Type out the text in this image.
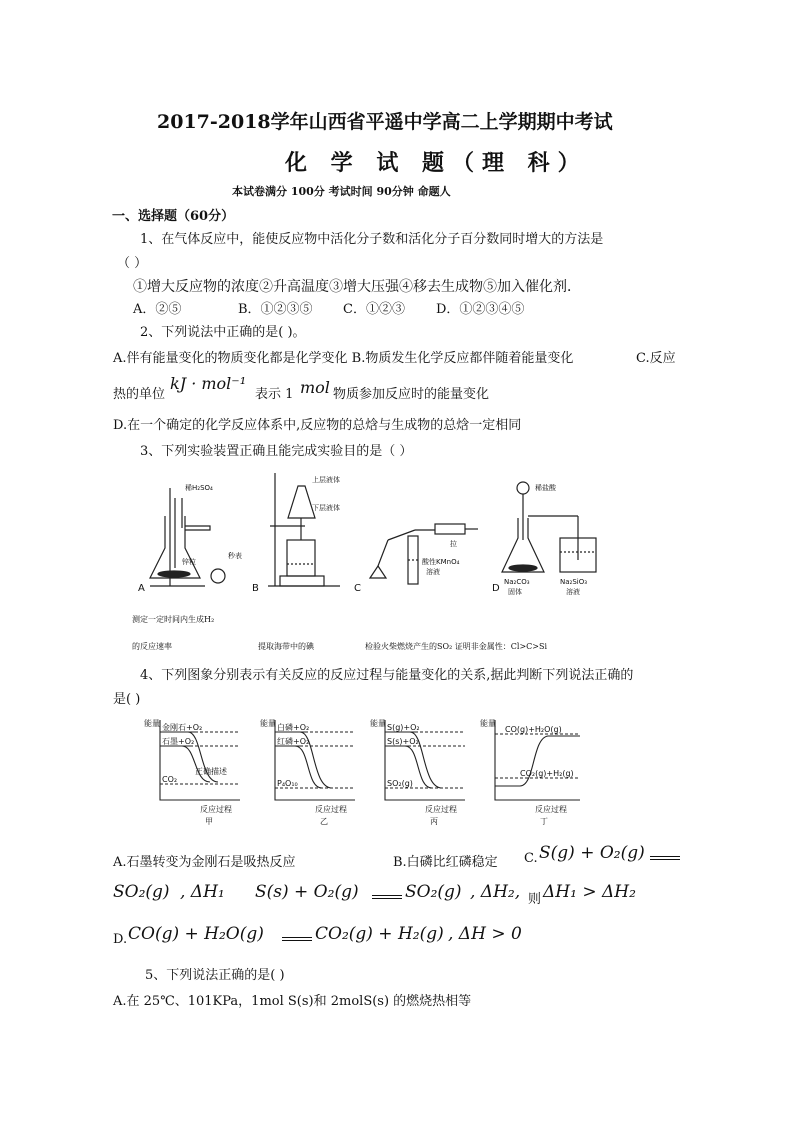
2017-2018学年山西省平遥中学高二上学期期中考试
化 学 试 题（理 科）
本试卷满分 100分 考试时间 90分钟 命题人
一、选择题（60分）
1、在气体反应中，能使反应物中活化分子数和活化分子百分数同时增大的方法是
（ ）
①增大反应物的浓度②升高温度③增大压强④移去生成物⑤加入催化剂．
A．②⑤	B．①②③⑤ C．①②③ D．①②③④⑤
2、下列说法中正确的是( )。
A.伴有能量变化的物质变化都是化学变化 B.物质发生化学反应都伴随着能量变化	C.反应
热的单位
kJ · mol⁻¹
表示 1 mol 物质参加反应时的能量变化
D.在一个确定的化学反应体系中,反应物的总焓与生成物的总焓一定相同
3、下列实验装置正确且能完成实验目的是（ ）
稀H₂SO₄
锌粒
秒表
上层液体
下层液体
拉
酸性KMnO₄
溶液
稀盐酸
Na₂CO₃
固体
Na₂SiO₃
溶液
A	B	C	D
测定一定时间内生成H₂
的反应速率	提取海带中的碘	检验火柴燃烧产生的SO₂ 证明非金属性：Cl>C>Si
4、下列图象分别表示有关反应的反应过程与能量变化的关系,据此判断下列说法正确的
是( )
能量 金刚石+O₂
石墨+O₂
CO₂
正确描述
反应过程
甲
能量 白磷+O₂
红磷+O₂
P₄O₁₀
反应过程
乙
能量 S(g)+O₂
S(s)+O₂
SO₂(g)
反应过程
丙
能量
CO(g)+H₂O(g)
CO₂(g)+H₂(g)
反应过程
丁
A.石墨转变为金刚石是吸热反应	B.白磷比红磷稳定 C. S(g) + O₂(g)
SO₂(g) , ΔH₁ S(s) + O₂(g)	SO₂(g) , ΔH₂, 则 ΔH₁ > ΔH₂
D. CO(g) + H₂O(g)	CO₂(g) + H₂(g) , ΔH > 0
5、下列说法正确的是( )
A.在 25℃、101KPa，1mol S(s)和 2molS(s) 的燃烧热相等
